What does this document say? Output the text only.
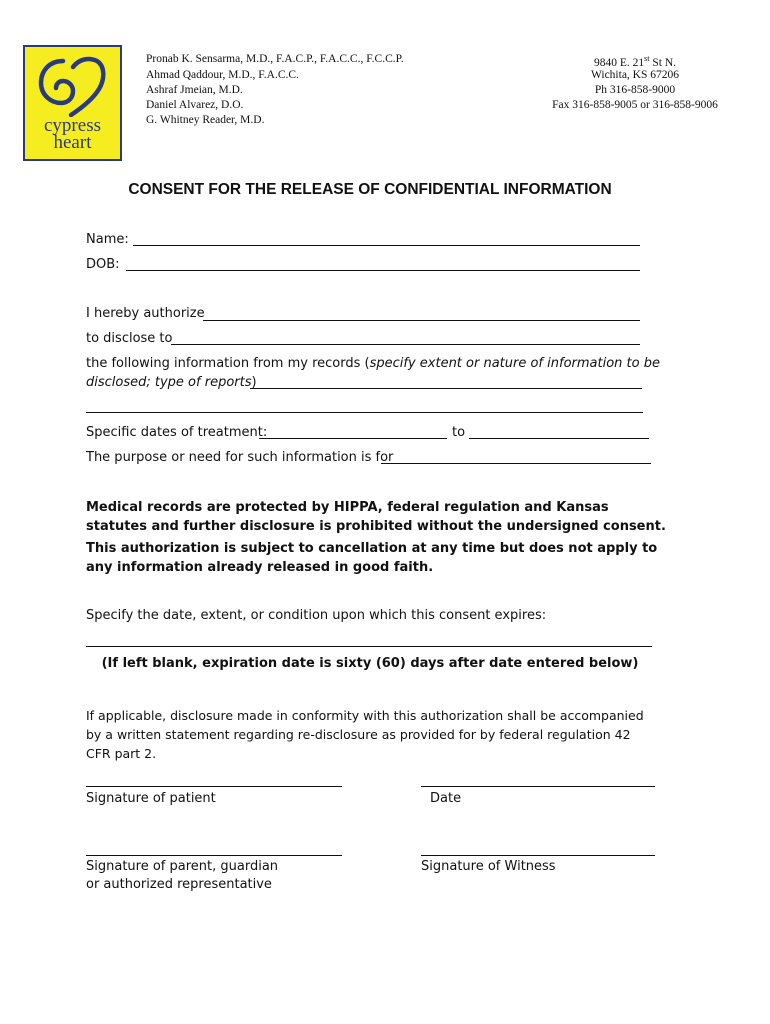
cypress
heart
Pronab K. Sensarma, M.D., F.A.C.P., F.A.C.C., F.C.C.P.
Ahmad Qaddour, M.D., F.A.C.C.
Ashraf Jmeian, M.D.
Daniel Alvarez, D.O.
G. Whitney Reader, M.D.
9840 E. 21st St N.
Wichita, KS 67206
Ph 316-858-9000
Fax 316-858-9005 or 316-858-9006
CONSENT FOR THE RELEASE OF CONFIDENTIAL INFORMATION
Name:
DOB:
I hereby authorize
to disclose to
the following information from my records (specify extent or nature of information to be
disclosed; type of reports)
Specific dates of treatment:	to
The purpose or need for such information is for
Medical records are protected by HIPPA, federal regulation and Kansas statutes and further disclosure is prohibited without the undersigned consent.
This authorization is subject to cancellation at any time but does not apply to any information already released in good faith.
Specify the date, extent, or condition upon which this consent expires:
(If left blank, expiration date is sixty (60) days after date entered below)
If applicable, disclosure made in conformity with this authorization shall be accompanied by a written statement regarding re-disclosure as provided for by federal regulation 42 CFR part 2.
Signature of patient	Date
Signature of parent, guardian
or authorized representative
Signature of Witness
